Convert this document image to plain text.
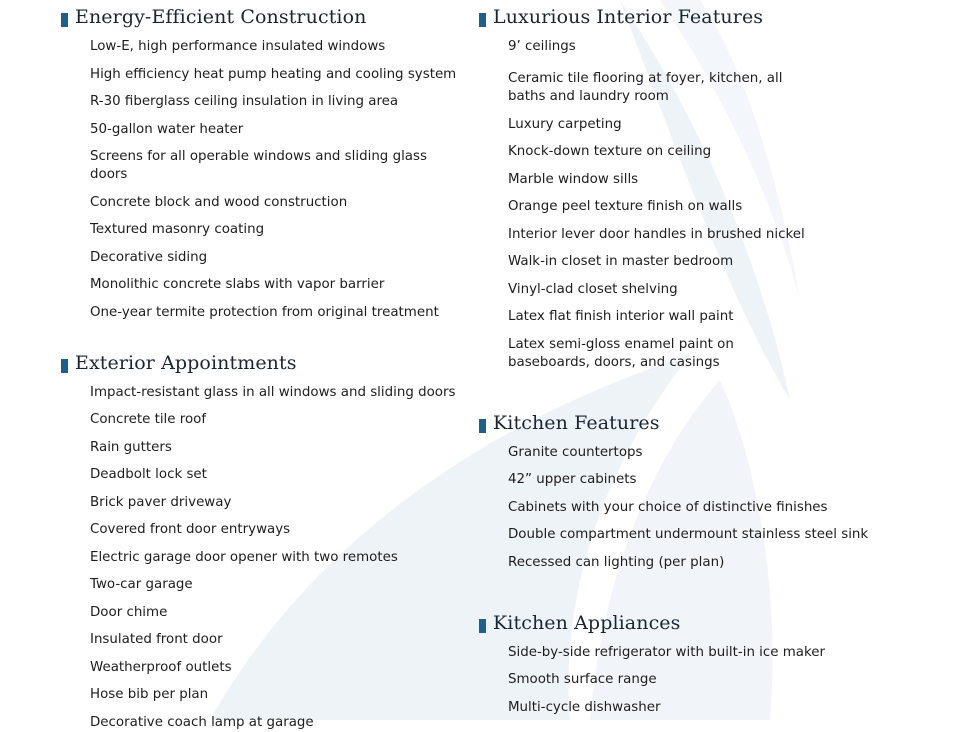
Energy-Efficient Construction
Low-E, high performance insulated windows
High efficiency heat pump heating and cooling system
R-30 fiberglass ceiling insulation in living area
50-gallon water heater
Screens for all operable windows and sliding glass doors
Concrete block and wood construction
Textured masonry coating
Decorative siding
Monolithic concrete slabs with vapor barrier
One-year termite protection from original treatment
Exterior Appointments
Impact-resistant glass in all windows and sliding doors
Concrete tile roof
Rain gutters
Deadbolt lock set
Brick paver driveway
Covered front door entryways
Electric garage door opener with two remotes
Two-car garage
Door chime
Insulated front door
Weatherproof outlets
Hose bib per plan
Decorative coach lamp at garage
Luxurious Interior Features
9’ ceilings
Ceramic tile flooring at foyer, kitchen, all baths and laundry room
Luxury carpeting
Knock-down texture on ceiling
Marble window sills
Orange peel texture finish on walls
Interior lever door handles in brushed nickel
Walk-in closet in master bedroom
Vinyl-clad closet shelving
Latex flat finish interior wall paint
Latex semi-gloss enamel paint on baseboards, doors, and casings
Kitchen Features
Granite countertops
42” upper cabinets
Cabinets with your choice of distinctive finishes
Double compartment undermount stainless steel sink
Recessed can lighting (per plan)
Kitchen Appliances
Side-by-side refrigerator with built-in ice maker
Smooth surface range
Multi-cycle dishwasher
